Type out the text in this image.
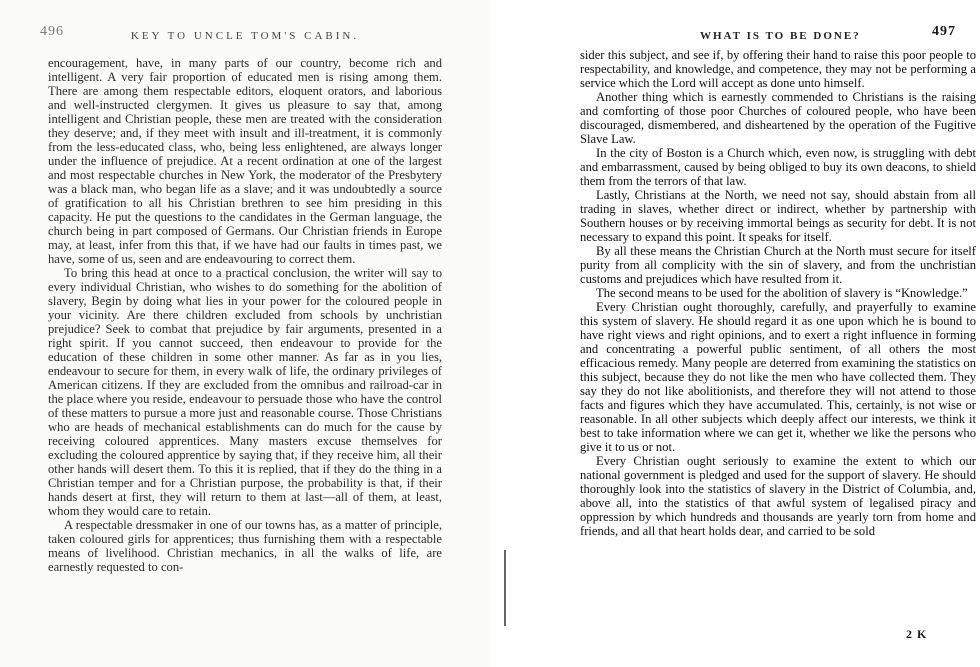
496	KEY TO UNCLE TOM'S CABIN.

encouragement, have, in many parts of our country, become rich and intelligent. A very fair proportion of educated men is rising among them. There are among them respectable editors, eloquent orators, and laborious and well-instructed clergymen. It gives us pleasure to say that, among intelligent and Christian people, these men are treated with the consideration they deserve; and, if they meet with insult and ill-treatment, it is commonly from the less-educated class, who, being less enlightened, are always longer under the influence of prejudice. At a recent ordination at one of the largest and most respectable churches in New York, the moderator of the Presbytery was a black man, who began life as a slave; and it was undoubtedly a source of gratification to all his Christian brethren to see him presiding in this capacity. He put the questions to the candidates in the German language, the church being in part composed of Germans. Our Christian friends in Europe may, at least, infer from this that, if we have had our faults in times past, we have, some of us, seen and are endeavouring to correct them.

To bring this head at once to a practical conclusion, the writer will say to every individual Christian, who wishes to do something for the abolition of slavery, Begin by doing what lies in your power for the coloured people in your vicinity. Are there children excluded from schools by unchristian prejudice? Seek to combat that prejudice by fair arguments, presented in a right spirit. If you cannot succeed, then endeavour to provide for the education of these children in some other manner. As far as in you lies, endeavour to secure for them, in every walk of life, the ordinary privileges of American citizens. If they are excluded from the omnibus and railroad-car in the place where you reside, endeavour to persuade those who have the control of these matters to pursue a more just and reasonable course. Those Christians who are heads of mechanical establishments can do much for the cause by receiving coloured apprentices. Many masters excuse themselves for excluding the coloured apprentice by saying that, if they receive him, all their other hands will desert them. To this it is replied, that if they do the thing in a Christian temper and for a Christian purpose, the probability is that, if their hands desert at first, they will return to them at last—all of them, at least, whom they would care to retain.

A respectable dressmaker in one of our towns has, as a matter of principle, taken coloured girls for apprentices; thus furnishing them with a respectable means of livelihood. Christian mechanics, in all the walks of life, are earnestly requested to con-

WHAT IS TO BE DONE?	497

sider this subject, and see if, by offering their hand to raise this poor people to respectability, and knowledge, and competence, they may not be performing a service which the Lord will accept as done unto himself.

Another thing which is earnestly commended to Christians is the raising and comforting of those poor Churches of coloured people, who have been discouraged, dismembered, and disheartened by the operation of the Fugitive Slave Law.

In the city of Boston is a Church which, even now, is struggling with debt and embarrassment, caused by being obliged to buy its own deacons, to shield them from the terrors of that law.

Lastly, Christians at the North, we need not say, should abstain from all trading in slaves, whether direct or indirect, whether by partnership with Southern houses or by receiving immortal beings as security for debt. It is not necessary to expand this point. It speaks for itself.

By all these means the Christian Church at the North must secure for itself purity from all complicity with the sin of slavery, and from the unchristian customs and prejudices which have resulted from it.

The second means to be used for the abolition of slavery is “Knowledge.”

Every Christian ought thoroughly, carefully, and prayerfully to examine this system of slavery. He should regard it as one upon which he is bound to have right views and right opinions, and to exert a right influence in forming and concentrating a powerful public sentiment, of all others the most efficacious remedy. Many people are deterred from examining the statistics on this subject, because they do not like the men who have collected them. They say they do not like abolitionists, and therefore they will not attend to those facts and figures which they have accumulated. This, certainly, is not wise or reasonable. In all other subjects which deeply affect our interests, we think it best to take information where we can get it, whether we like the persons who give it to us or not.

Every Christian ought seriously to examine the extent to which our national government is pledged and used for the support of slavery. He should thoroughly look into the statistics of slavery in the District of Columbia, and, above all, into the statistics of that awful system of legalised piracy and oppression by which hundreds and thousands are yearly torn from home and friends, and all that heart holds dear, and carried to be sold

2 K
